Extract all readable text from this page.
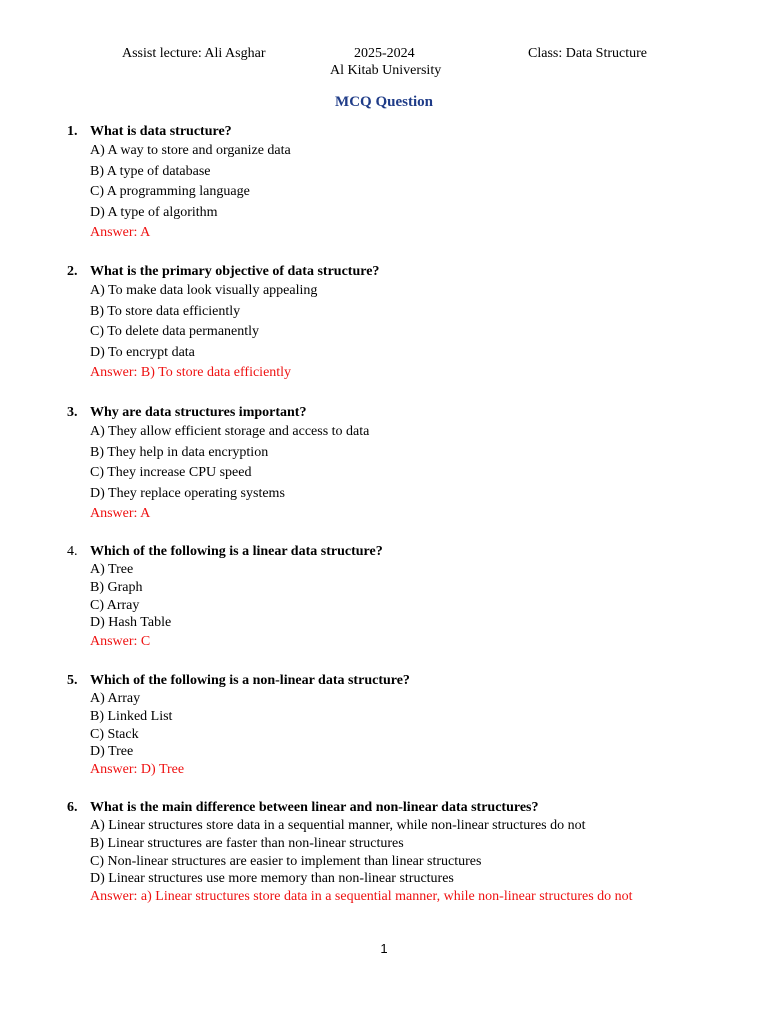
Assist lecture: Ali Asghar	2025-2024	Class: Data Structure
Al Kitab University
MCQ Question
1. What is data structure?
A) A way to store and organize data
B) A type of database
C) A programming language
D) A type of algorithm
Answer: A
2. What is the primary objective of data structure?
A) To make data look visually appealing
B) To store data efficiently
C) To delete data permanently
D) To encrypt data
Answer: B) To store data efficiently
3. Why are data structures important?
A) They allow efficient storage and access to data
B) They help in data encryption
C) They increase CPU speed
D) They replace operating systems
Answer: A
4. Which of the following is a linear data structure?
A) Tree
B) Graph
C) Array
D) Hash Table
Answer: C
5. Which of the following is a non-linear data structure?
A) Array
B) Linked List
C) Stack
D) Tree
Answer: D) Tree
6. What is the main difference between linear and non-linear data structures?
A) Linear structures store data in a sequential manner, while non-linear structures do not
B) Linear structures are faster than non-linear structures
C) Non-linear structures are easier to implement than linear structures
D) Linear structures use more memory than non-linear structures
Answer: a) Linear structures store data in a sequential manner, while non-linear structures do not
1
